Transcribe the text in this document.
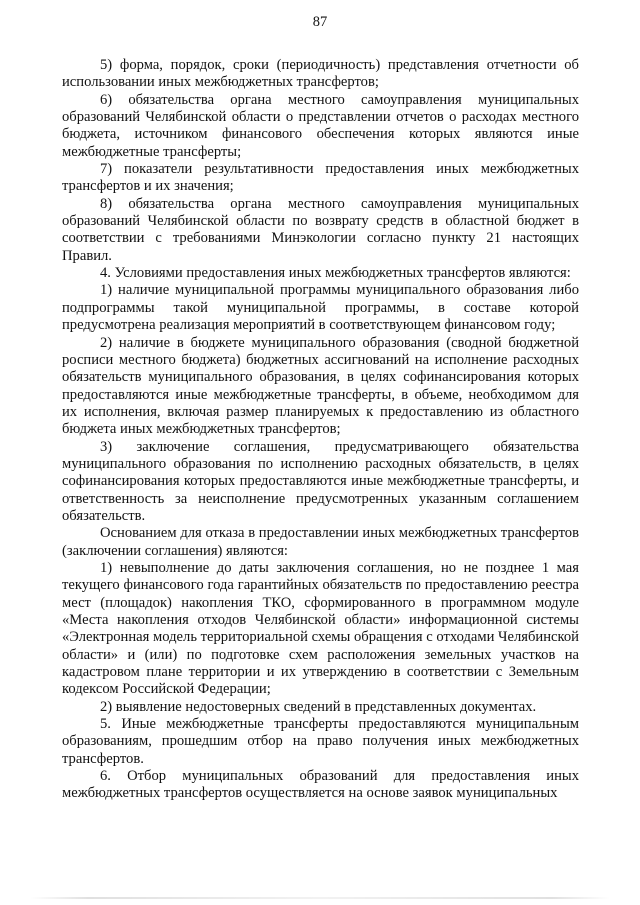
87

5) форма, порядок, сроки (периодичность) представления отчетности об использовании иных межбюджетных трансфертов;

6) обязательства органа местного самоуправления муниципальных образований Челябинской области о представлении отчетов о расходах местного бюджета, источником финансового обеспечения которых являются иные межбюджетные трансферты;

7) показатели результативности предоставления иных межбюджетных трансфертов и их значения;

8) обязательства органа местного самоуправления муниципальных образований Челябинской области по возврату средств в областной бюджет в соответствии с требованиями Минэкологии согласно пункту 21 настоящих Правил.

4. Условиями предоставления иных межбюджетных трансфертов являются:

1) наличие муниципальной программы муниципального образования либо подпрограммы такой муниципальной программы, в составе которой предусмотрена реализация мероприятий в соответствующем финансовом году;

2) наличие в бюджете муниципального образования (сводной бюджетной росписи местного бюджета) бюджетных ассигнований на исполнение расходных обязательств муниципального образования, в целях софинансирования которых предоставляются иные межбюджетные трансферты, в объеме, необходимом для их исполнения, включая размер планируемых к предоставлению из областного бюджета иных межбюджетных трансфертов;

3) заключение соглашения, предусматривающего обязательства муниципального образования по исполнению расходных обязательств, в целях софинансирования которых предоставляются иные межбюджетные трансферты, и ответственность за неисполнение предусмотренных указанным соглашением обязательств.

Основанием для отказа в предоставлении иных межбюджетных трансфертов (заключении соглашения) являются:

1) невыполнение до даты заключения соглашения, но не позднее 1 мая текущего финансового года гарантийных обязательств по предоставлению реестра мест (площадок) накопления ТКО, сформированного в программном модуле «Места накопления отходов Челябинской области» информационной системы «Электронная модель территориальной схемы обращения с отходами Челябинской области» и (или) по подготовке схем расположения земельных участков на кадастровом плане территории и их утверждению в соответствии с Земельным кодексом Российской Федерации;

2) выявление недостоверных сведений в представленных документах.

5. Иные межбюджетные трансферты предоставляются муниципальным образованиям, прошедшим отбор на право получения иных межбюджетных трансфертов.

6. Отбор муниципальных образований для предоставления иных межбюджетных трансфертов осуществляется на основе заявок муниципальных
